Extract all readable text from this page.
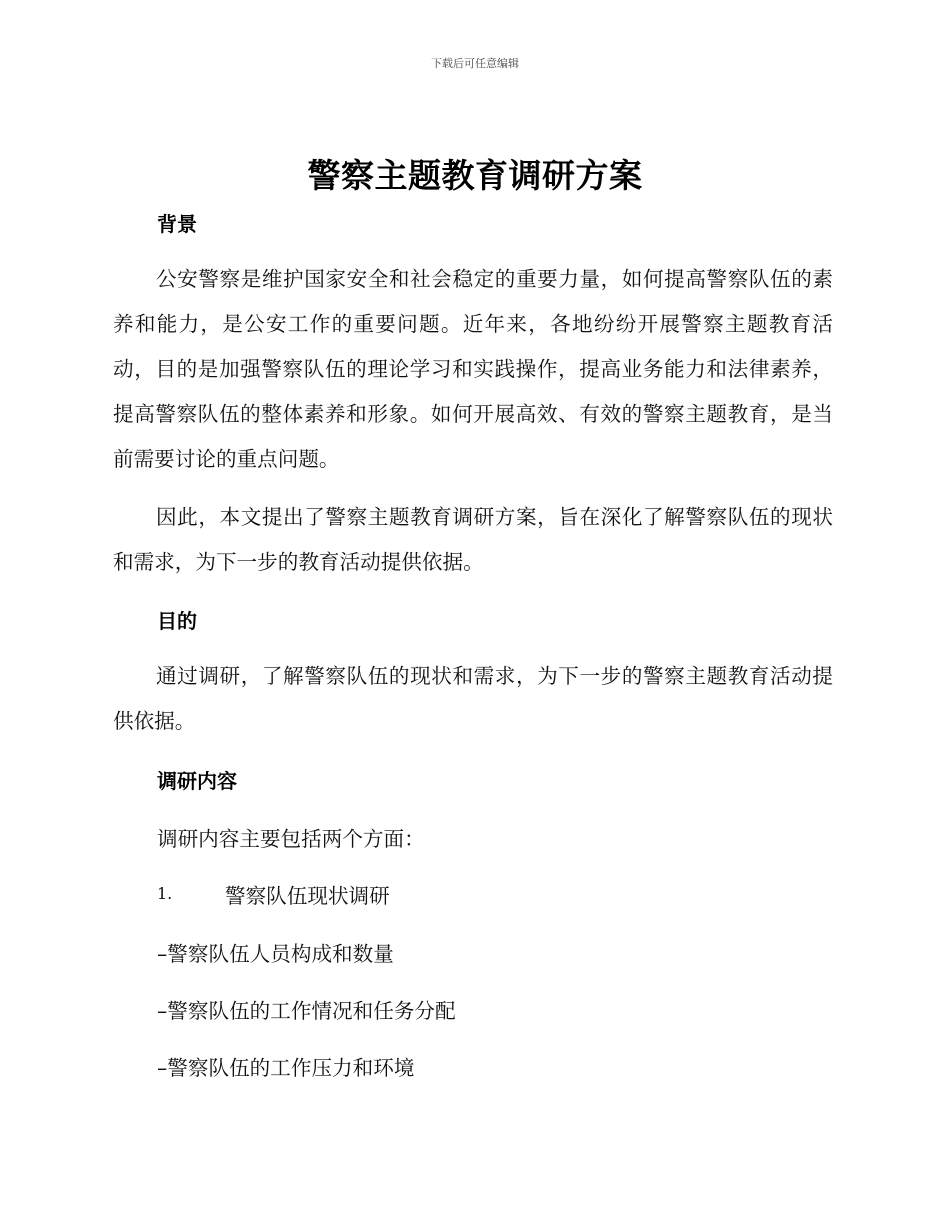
下载后可任意编辑
警察主题教育调研方案
背景
公安警察是维护国家安全和社会稳定的重要力量，如何提高警察队伍的素养和能力，是公安工作的重要问题。近年来，各地纷纷开展警察主题教育活动，目的是加强警察队伍的理论学习和实践操作，提高业务能力和法律素养，提高警察队伍的整体素养和形象。如何开展高效、有效的警察主题教育，是当前需要讨论的重点问题。
因此，本文提出了警察主题教育调研方案，旨在深化了解警察队伍的现状和需求，为下一步的教育活动提供依据。
目的
通过调研，了解警察队伍的现状和需求，为下一步的警察主题教育活动提供依据。
调研内容
调研内容主要包括两个方面：
1.	警察队伍现状调研
–警察队伍人员构成和数量
–警察队伍的工作情况和任务分配
–警察队伍的工作压力和环境
